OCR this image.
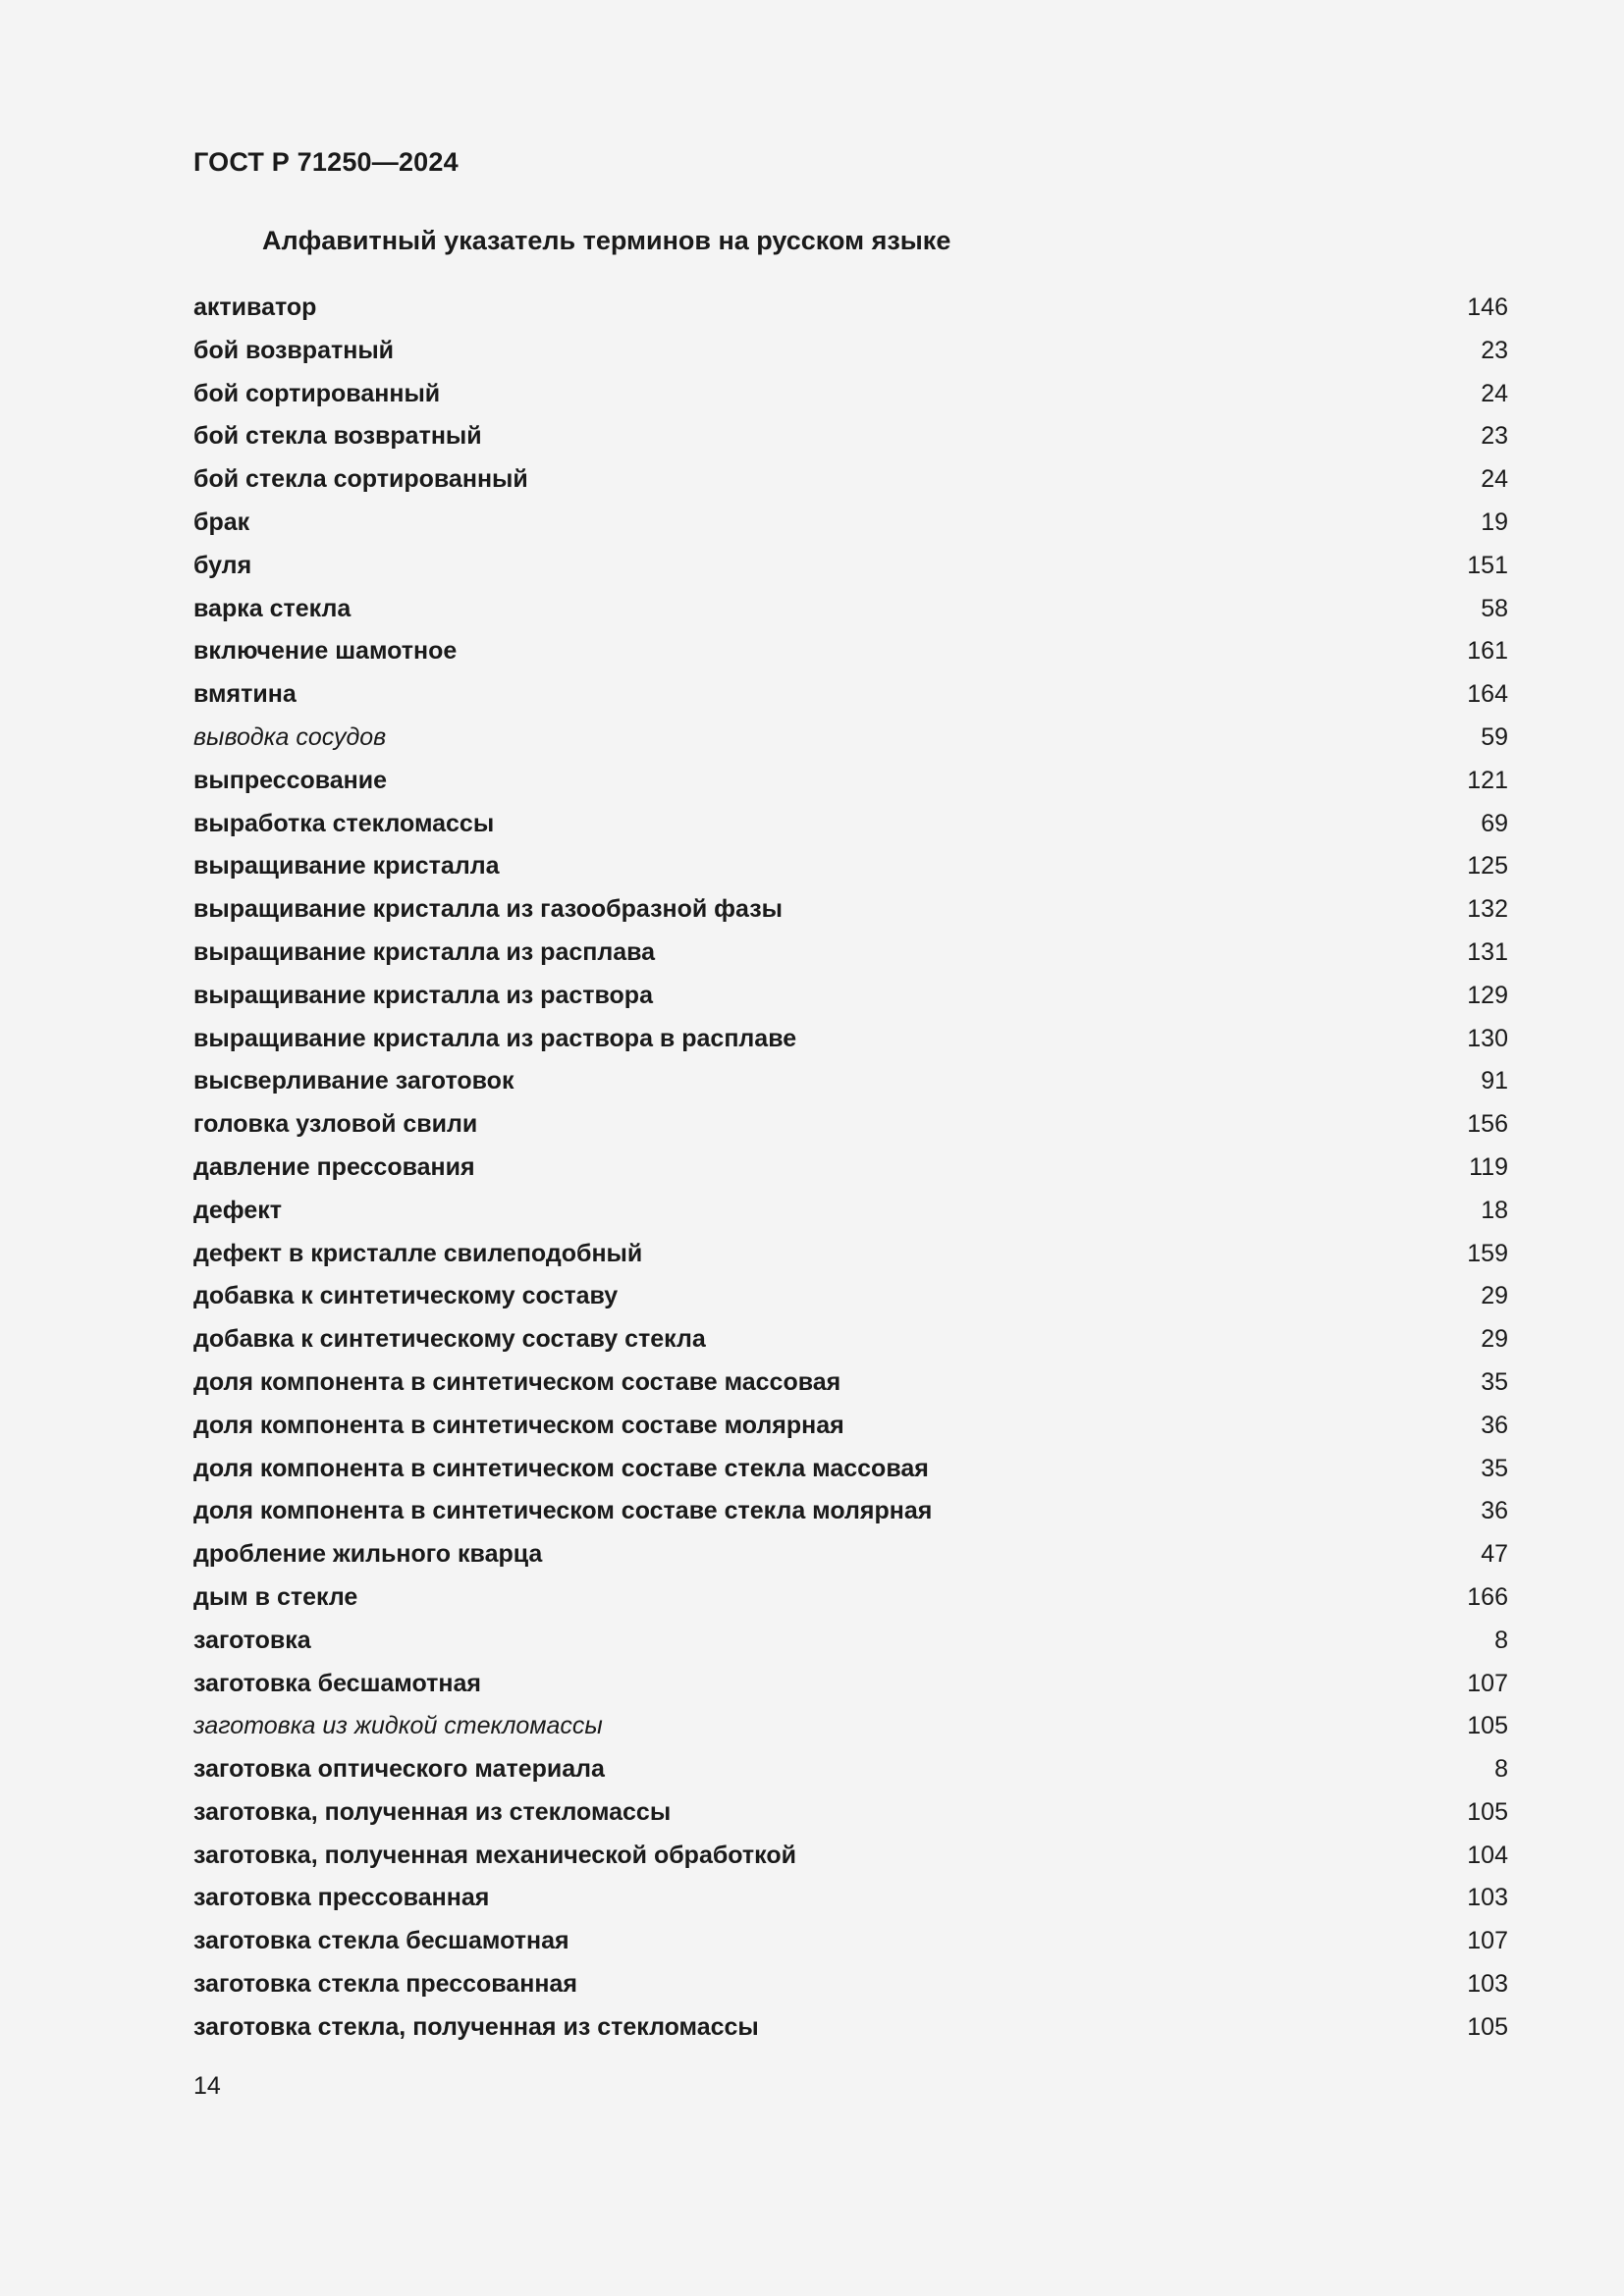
ГОСТ Р 71250—2024
Алфавитный указатель терминов на русском языке
активатор	146
бой возвратный	23
бой сортированный	24
бой стекла возвратный	23
бой стекла сортированный	24
брак	19
буля	151
варка стекла	58
включение шамотное	161
вмятина	164
выводка сосудов	59
выпрессование	121
выработка стекломассы	69
выращивание кристалла	125
выращивание кристалла из газообразной фазы	132
выращивание кристалла из расплава	131
выращивание кристалла из раствора	129
выращивание кристалла из раствора в расплаве	130
высверливание заготовок	91
головка узловой свили	156
давление прессования	119
дефект	18
дефект в кристалле свилеподобный	159
добавка к синтетическому составу	29
добавка к синтетическому составу стекла	29
доля компонента в синтетическом составе массовая	35
доля компонента в синтетическом составе молярная	36
доля компонента в синтетическом составе стекла массовая	35
доля компонента в синтетическом составе стекла молярная	36
дробление жильного кварца	47
дым в стекле	166
заготовка	8
заготовка бесшамотная	107
заготовка из жидкой стекломассы	105
заготовка оптического материала	8
заготовка, полученная из стекломассы	105
заготовка, полученная механической обработкой	104
заготовка прессованная	103
заготовка стекла бесшамотная	107
заготовка стекла прессованная	103
заготовка стекла, полученная из стекломассы	105
14
